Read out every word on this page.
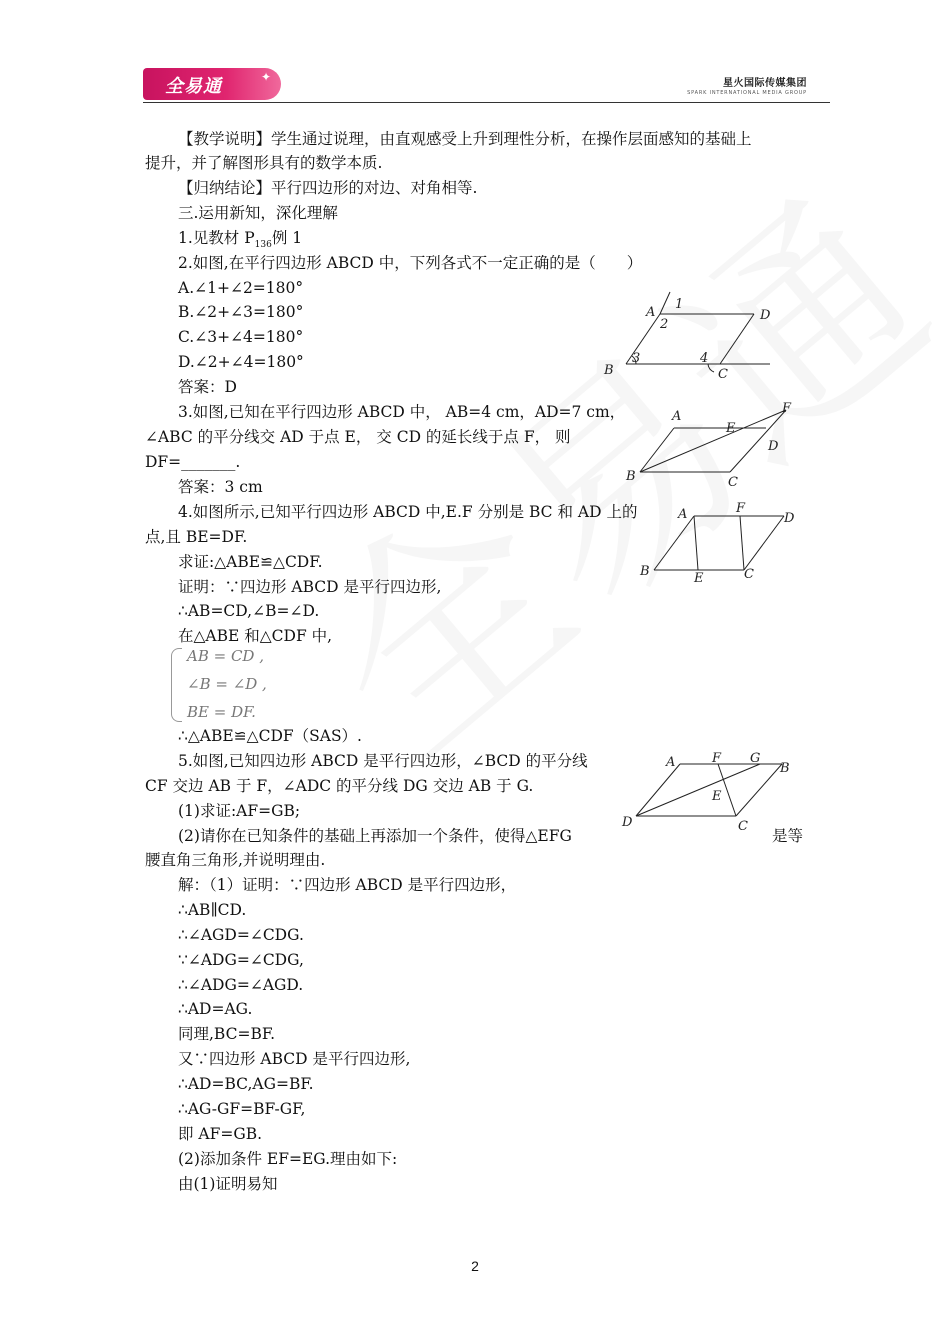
全易通	✦	星火国际传媒集团
SPARK INTERNATIONAL MEDIA GROUP
【教学说明】学生通过说理，由直观感受上升到理性分析，在操作层面感知的基础上
提升，并了解图形具有的数学本质.
【归纳结论】平行四边形的对边、对角相等.
三.运用新知，深化理解
1.见教材 $P_{136}$例 1
2.如图,在平行四边形 ABCD 中，下列各式不一定正确的是（　　）
A.∠1+∠2=180°
B.∠2+∠3=180°
C.∠3+∠4=180°
D.∠2+∠4=180°
答案：D
3.如图,已知在平行四边形 ABCD 中， AB=4 cm，AD=7 cm，
∠ABC 的平分线交 AD 于点 E， 交 CD 的延长线于点 F， 则
DF=_______.
答案：3 cm
4.如图所示,已知平行四边形 ABCD 中,E.F 分别是 BC 和 AD 上的
点,且 BE=DF.
求证:△ABE≌△CDF.
证明：∵四边形 ABCD 是平行四边形,
∴AB=CD,∠B=∠D.
在△ABE 和△CDF 中,
AB = CD ,
∠B = ∠D ,
BE = DF.
∴△ABE≌△CDF（SAS）.
5.如图,已知四边形 ABCD 是平行四边形，∠BCD 的平分线
CF 交边 AB 于 F，∠ADC 的平分线 DG 交边 AB 于 G.
(1)求证:AF=GB;
(2)请你在已知条件的基础上再添加一个条件，使得△EFG	是等
腰直角三角形,并说明理由.
解：（1）证明：∵四边形 ABCD 是平行四边形，
∴AB∥CD.
∴∠AGD=∠CDG.
∵∠ADG=∠CDG,
∴∠ADG=∠AGD.
∴AD=AG.
同理,BC=BF.
又∵四边形 ABCD 是平行四边形,
∴AD=BC,AG=BF.
∴AG-GF=BF-GF,
即 AF=GB.
(2)添加条件 EF=EG.理由如下:
由(1)证明易知
A
B	C
D
1
2
3	4
A
B	C
D
E
F
A
B	C
D
E
F
A	B
C
D
E
F G
2
